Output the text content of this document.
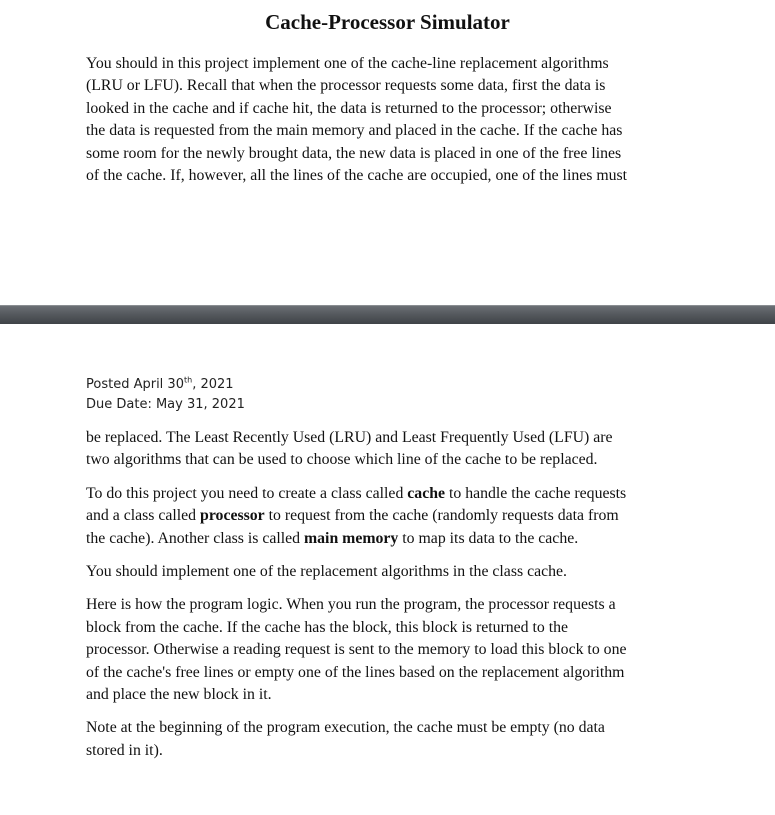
Cache-Processor Simulator

You should in this project implement one of the cache-line replacement algorithms
(LRU or LFU). Recall that when the processor requests some data, first the data is
looked in the cache and if cache hit, the data is returned to the processor; otherwise
the data is requested from the main memory and placed in the cache. If the cache has
some room for the newly brought data, the new data is placed in one of the free lines
of the cache. If, however, all the lines of the cache are occupied, one of the lines must

Posted April 30th, 2021
Due Date: May 31, 2021

be replaced. The Least Recently Used (LRU) and Least Frequently Used (LFU) are
two algorithms that can be used to choose which line of the cache to be replaced.

To do this project you need to create a class called cache to handle the cache requests
and a class called processor to request from the cache (randomly requests data from
the cache). Another class is called main memory to map its data to the cache.

You should implement one of the replacement algorithms in the class cache.

Here is how the program logic. When you run the program, the processor requests a
block from the cache. If the cache has the block, this block is returned to the
processor. Otherwise a reading request is sent to the memory to load this block to one
of the cache's free lines or empty one of the lines based on the replacement algorithm
and place the new block in it.

Note at the beginning of the program execution, the cache must be empty (no data
stored in it).
